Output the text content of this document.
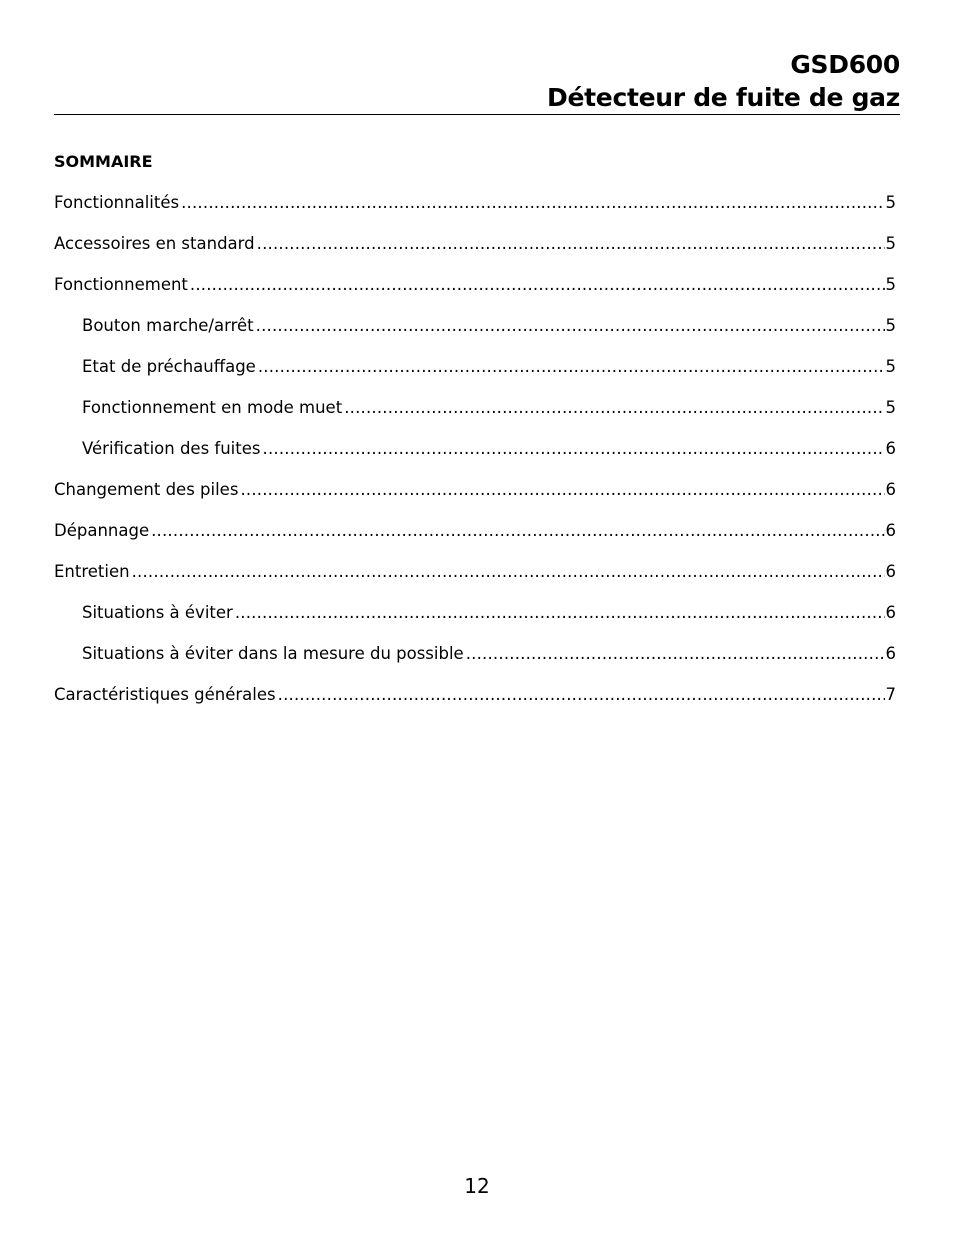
GSD600
Détecteur de fuite de gaz
SOMMAIRE
Fonctionnalités .....	5
Accessoires en standard .....	5
Fonctionnement .....	5
Bouton marche/arrêt .....	5
Etat de préchauffage .....	5
Fonctionnement en mode muet .....	5
Vérification des fuites .....	6
Changement des piles .....	6
Dépannage .....	6
Entretien .....	6
Situations à éviter .....	6
Situations à éviter dans la mesure du possible .....	6
Caractéristiques générales .....	7
12
